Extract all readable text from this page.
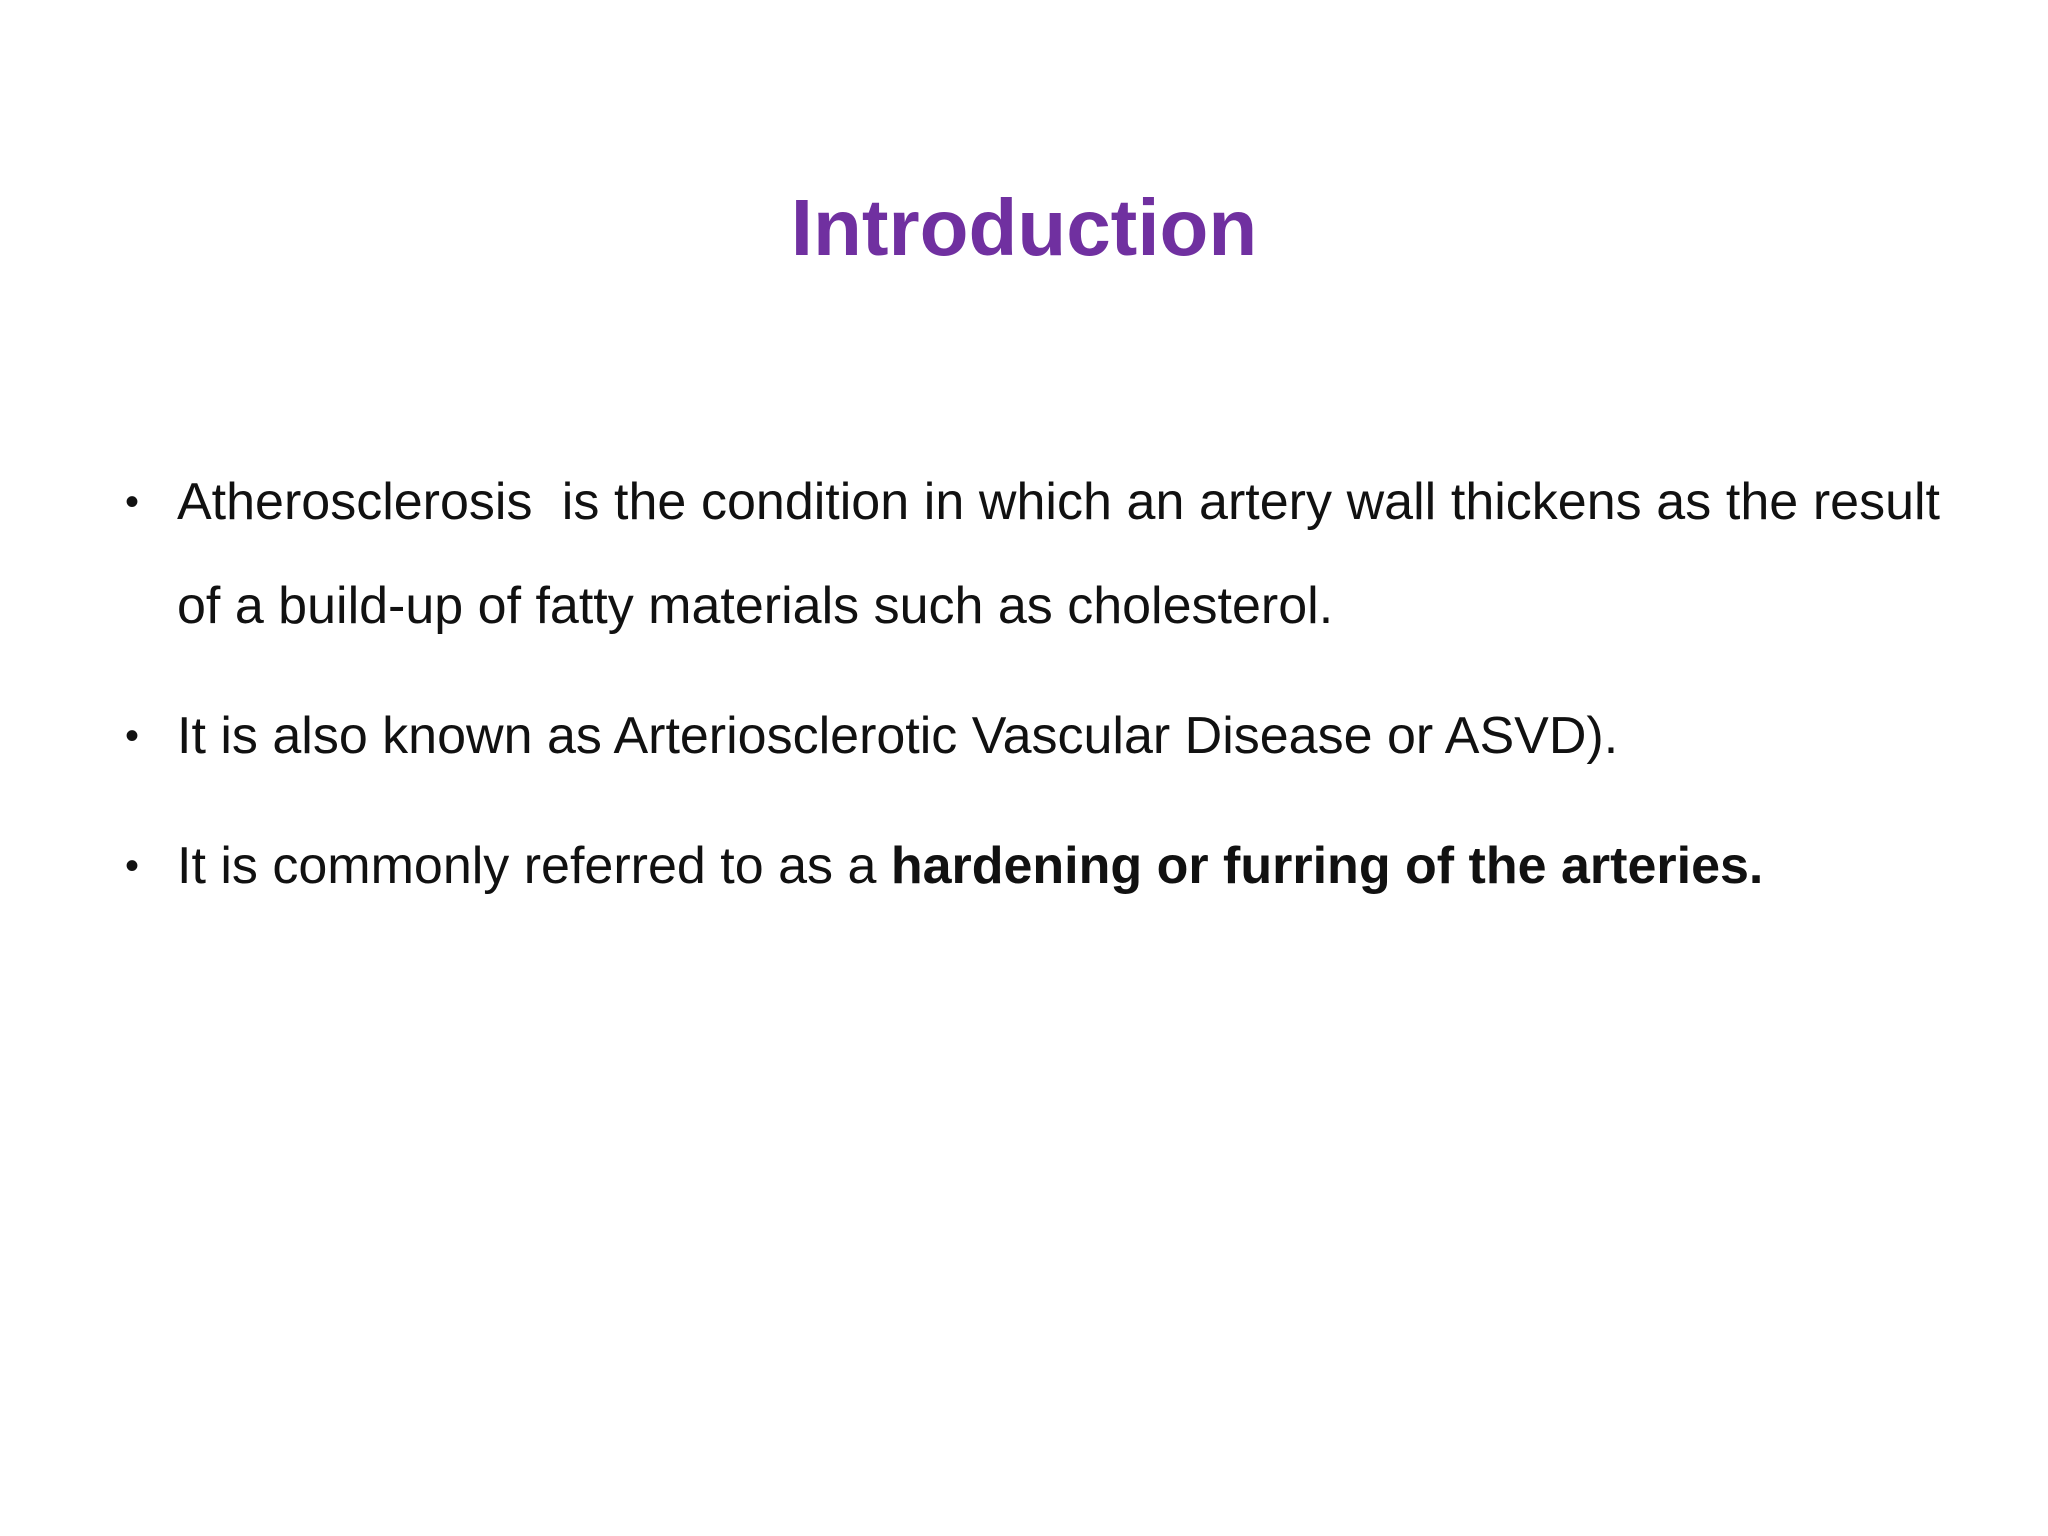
Introduction
• Atherosclerosis  is the condition in which an artery wall thickens as the result of a build-up of fatty materials such as cholesterol.
• It is also known as Arteriosclerotic Vascular Disease or ASVD).
• It is commonly referred to as a hardening or furring of the arteries.
